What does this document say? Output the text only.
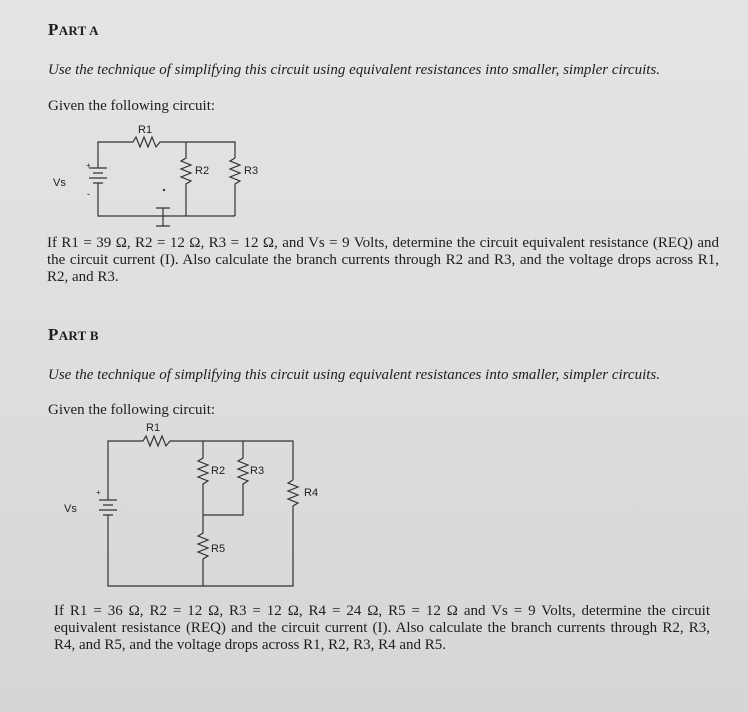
PART A
Use the technique of simplifying this circuit using equivalent resistances into smaller, simpler circuits.
Given the following circuit:
R1
R2	R3
Vs
+
-
If R1 = 39 Ω, R2 = 12 Ω, R3 = 12 Ω, and Vs = 9 Volts, determine the circuit equivalent resistance (REQ) and the circuit current (I). Also calculate the branch currents through R2 and R3, and the voltage drops across R1, R2, and R3.
PART B
Use the technique of simplifying this circuit using equivalent resistances into smaller, simpler circuits.
Given the following circuit:
R1
R2 R3
R4
R5
Vs
+
If R1 = 36 Ω, R2 = 12 Ω, R3 = 12 Ω, R4 = 24 Ω, R5 = 12 Ω and Vs = 9 Volts, determine the circuit equivalent resistance (REQ) and the circuit current (I). Also calculate the branch currents through R2, R3, R4, and R5, and the voltage drops across R1, R2, R3, R4 and R5.
